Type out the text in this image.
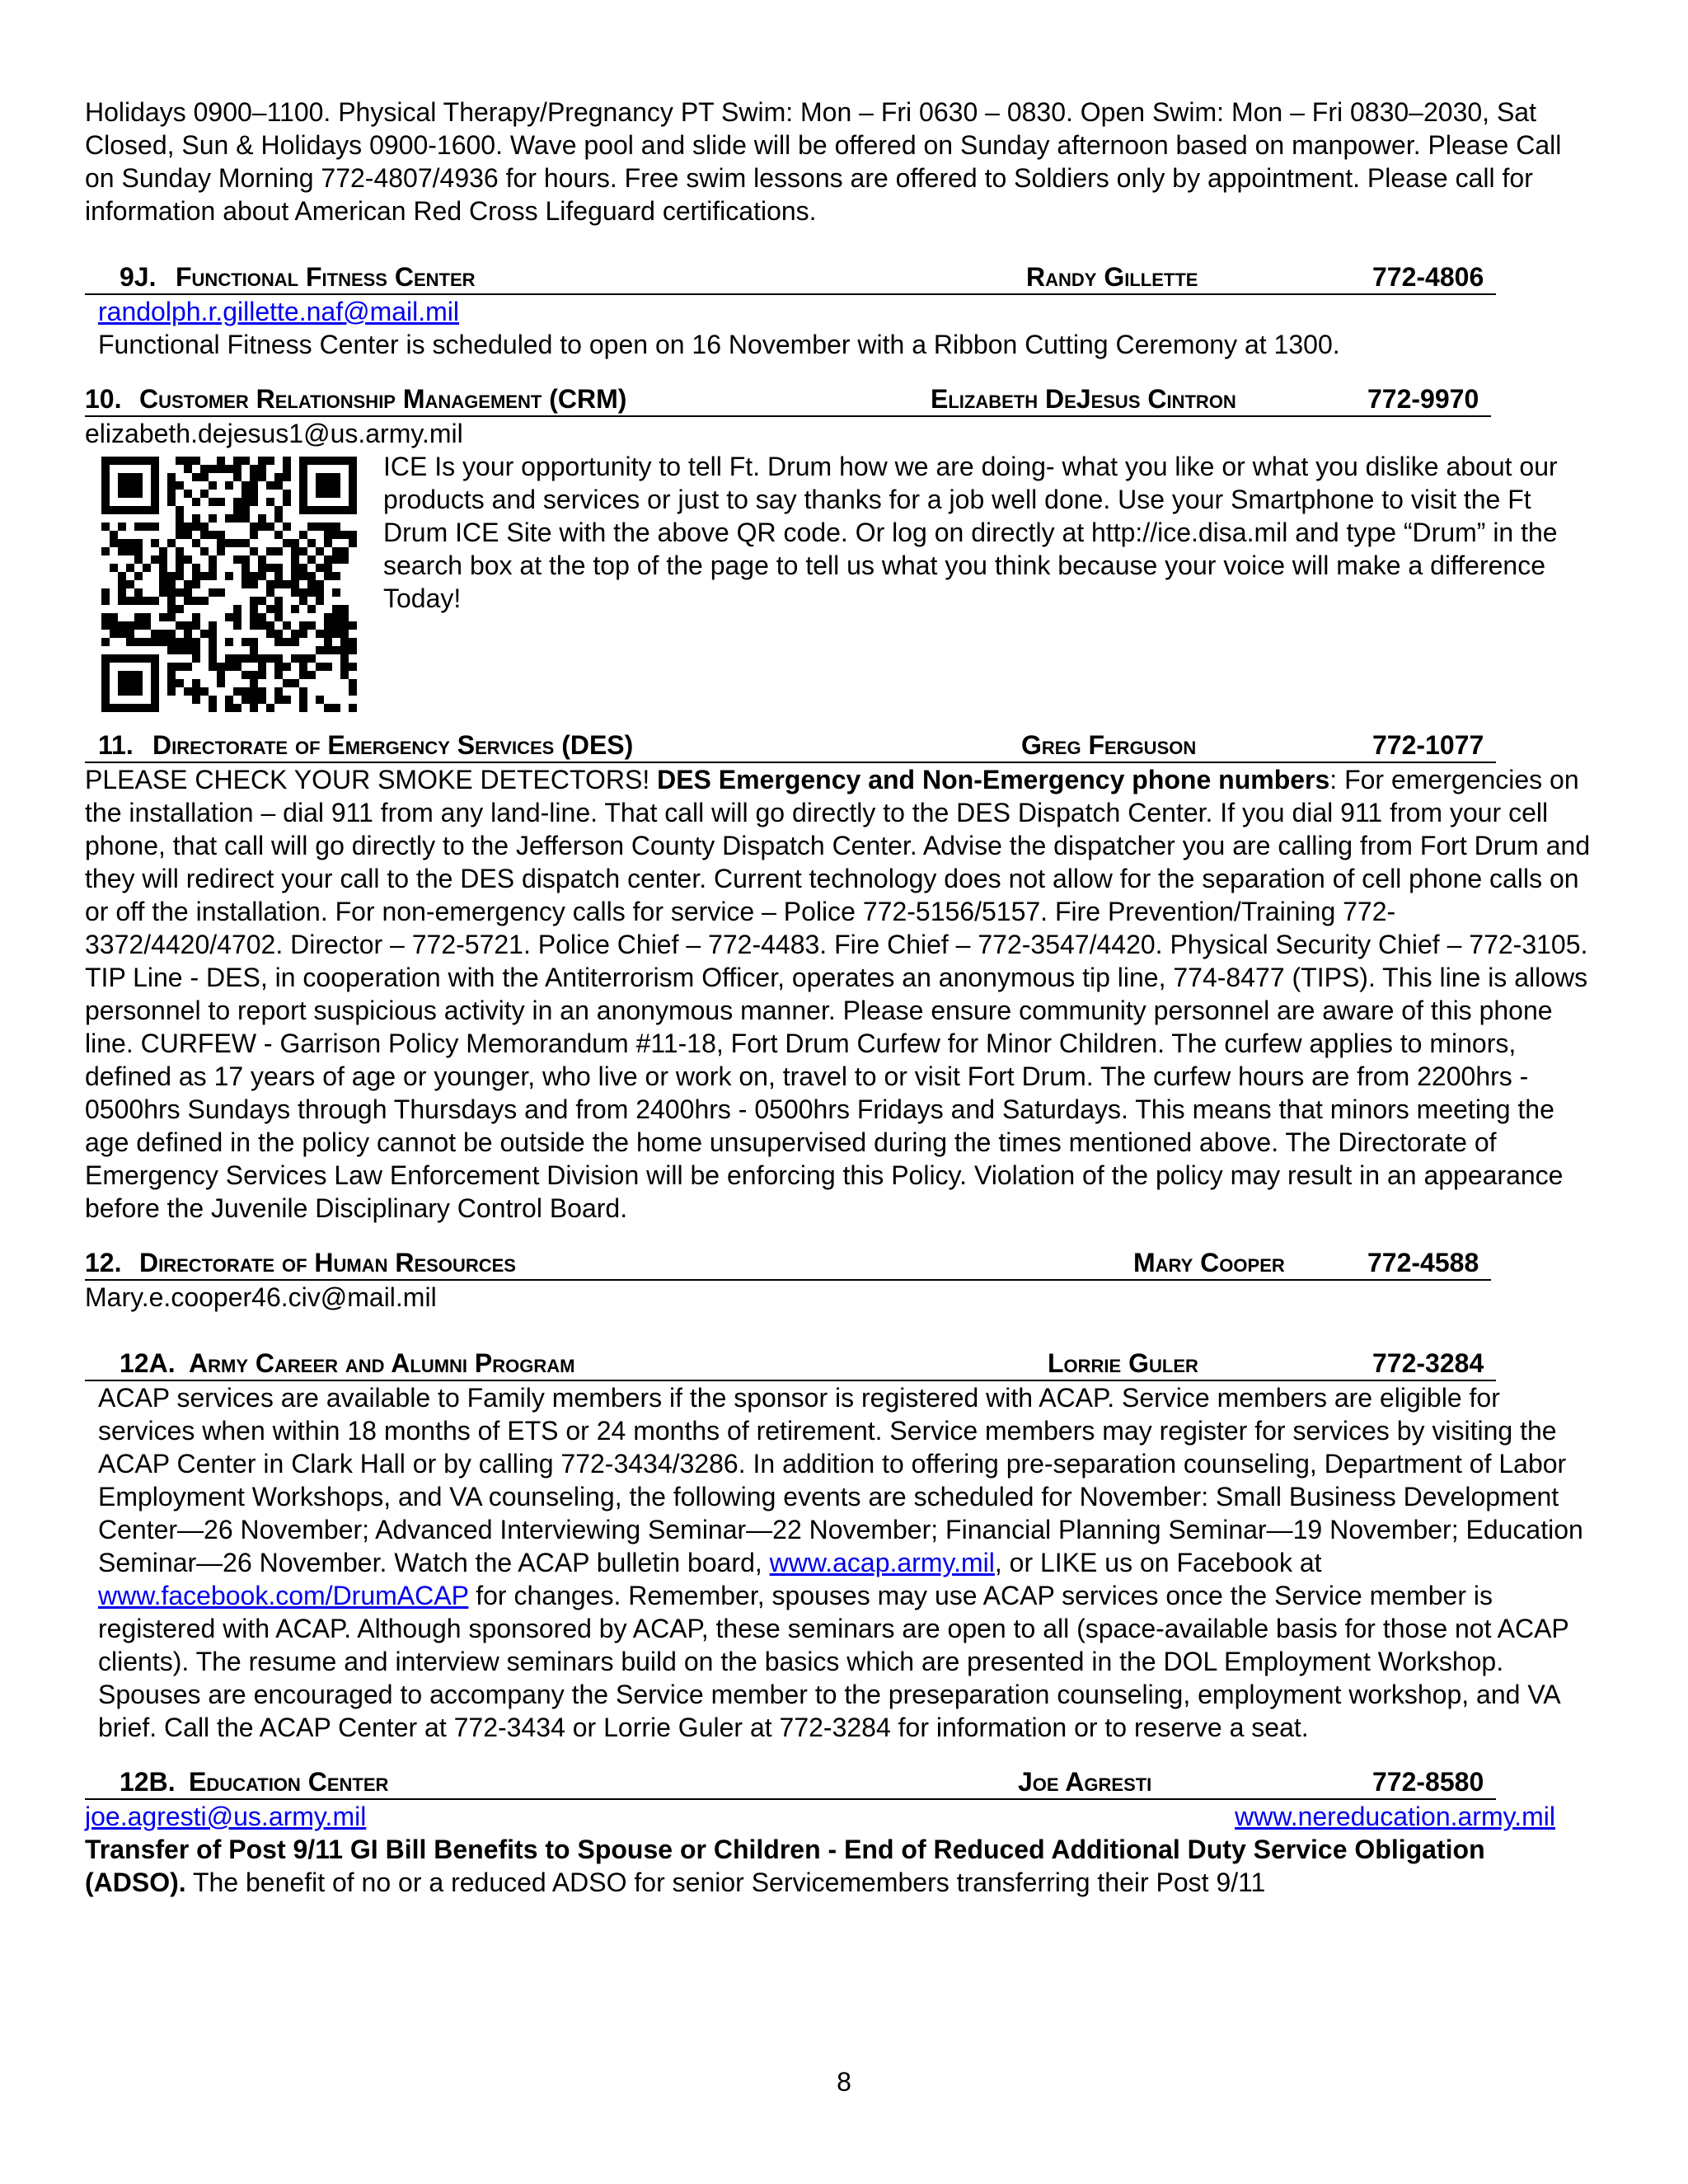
Holidays 0900–1100. Physical Therapy/Pregnancy PT Swim: Mon – Fri 0630 – 0830. Open Swim: Mon – Fri 0830–2030, Sat Closed, Sun & Holidays 0900-1600. Wave pool and slide will be offered on Sunday afternoon based on manpower. Please Call on Sunday Morning 772-4807/4936 for hours. Free swim lessons are offered to Soldiers only by appointment. Please call for information about American Red Cross Lifeguard certifications.

9J. Functional Fitness Center	Randy Gillette	772-4806

randolph.r.gillette.naf@mail.mil

Functional Fitness Center is scheduled to open on 16 November with a Ribbon Cutting Ceremony at 1300.

10. Customer Relationship Management (CRM)	Elizabeth DeJesus Cintron	772-9970

elizabeth.dejesus1@us.army.mil

ICE Is your opportunity to tell Ft. Drum how we are doing- what you like or what you dislike about our products and services or just to say thanks for a job well done. Use your Smartphone to visit the Ft Drum ICE Site with the above QR code. Or log on directly at http://ice.disa.mil and type “Drum” in the search box at the top of the page to tell us what you think because your voice will make a difference Today!

11. Directorate of Emergency Services (DES)	Greg Ferguson	772-1077

PLEASE CHECK YOUR SMOKE DETECTORS! DES Emergency and Non-Emergency phone numbers: For emergencies on the installation – dial 911 from any land-line. That call will go directly to the DES Dispatch Center. If you dial 911 from your cell phone, that call will go directly to the Jefferson County Dispatch Center. Advise the dispatcher you are calling from Fort Drum and they will redirect your call to the DES dispatch center. Current technology does not allow for the separation of cell phone calls on or off the installation. For non-emergency calls for service – Police 772-5156/5157. Fire Prevention/Training 772-3372/4420/4702. Director – 772-5721. Police Chief – 772-4483. Fire Chief – 772-3547/4420. Physical Security Chief – 772-3105. TIP Line - DES, in cooperation with the Antiterrorism Officer, operates an anonymous tip line, 774-8477 (TIPS). This line is allows personnel to report suspicious activity in an anonymous manner. Please ensure community personnel are aware of this phone line. CURFEW - Garrison Policy Memorandum #11-18, Fort Drum Curfew for Minor Children. The curfew applies to minors, defined as 17 years of age or younger, who live or work on, travel to or visit Fort Drum. The curfew hours are from 2200hrs - 0500hrs Sundays through Thursdays and from 2400hrs - 0500hrs Fridays and Saturdays. This means that minors meeting the age defined in the policy cannot be outside the home unsupervised during the times mentioned above. The Directorate of Emergency Services Law Enforcement Division will be enforcing this Policy. Violation of the policy may result in an appearance before the Juvenile Disciplinary Control Board.

12. Directorate of Human Resources	Mary Cooper	772-4588

Mary.e.cooper46.civ@mail.mil

12A. Army Career and Alumni Program	Lorrie Guler	772-3284

ACAP services are available to Family members if the sponsor is registered with ACAP. Service members are eligible for services when within 18 months of ETS or 24 months of retirement. Service members may register for services by visiting the ACAP Center in Clark Hall or by calling 772-3434/3286. In addition to offering pre-separation counseling, Department of Labor Employment Workshops, and VA counseling, the following events are scheduled for November: Small Business Development Center—26 November; Advanced Interviewing Seminar—22 November; Financial Planning Seminar—19 November; Education Seminar—26 November. Watch the ACAP bulletin board, www.acap.army.mil, or LIKE us on Facebook at www.facebook.com/DrumACAP for changes. Remember, spouses may use ACAP services once the Service member is registered with ACAP. Although sponsored by ACAP, these seminars are open to all (space-available basis for those not ACAP clients). The resume and interview seminars build on the basics which are presented in the DOL Employment Workshop. Spouses are encouraged to accompany the Service member to the preseparation counseling, employment workshop, and VA brief. Call the ACAP Center at 772-3434 or Lorrie Guler at 772-3284 for information or to reserve a seat.

12B. Education Center	Joe Agresti	772-8580
joe.agresti@us.army.mil	www.nereducation.army.mil

Transfer of Post 9/11 GI Bill Benefits to Spouse or Children - End of Reduced Additional Duty Service Obligation (ADSO). The benefit of no or a reduced ADSO for senior Servicemembers transferring their Post 9/11

8
